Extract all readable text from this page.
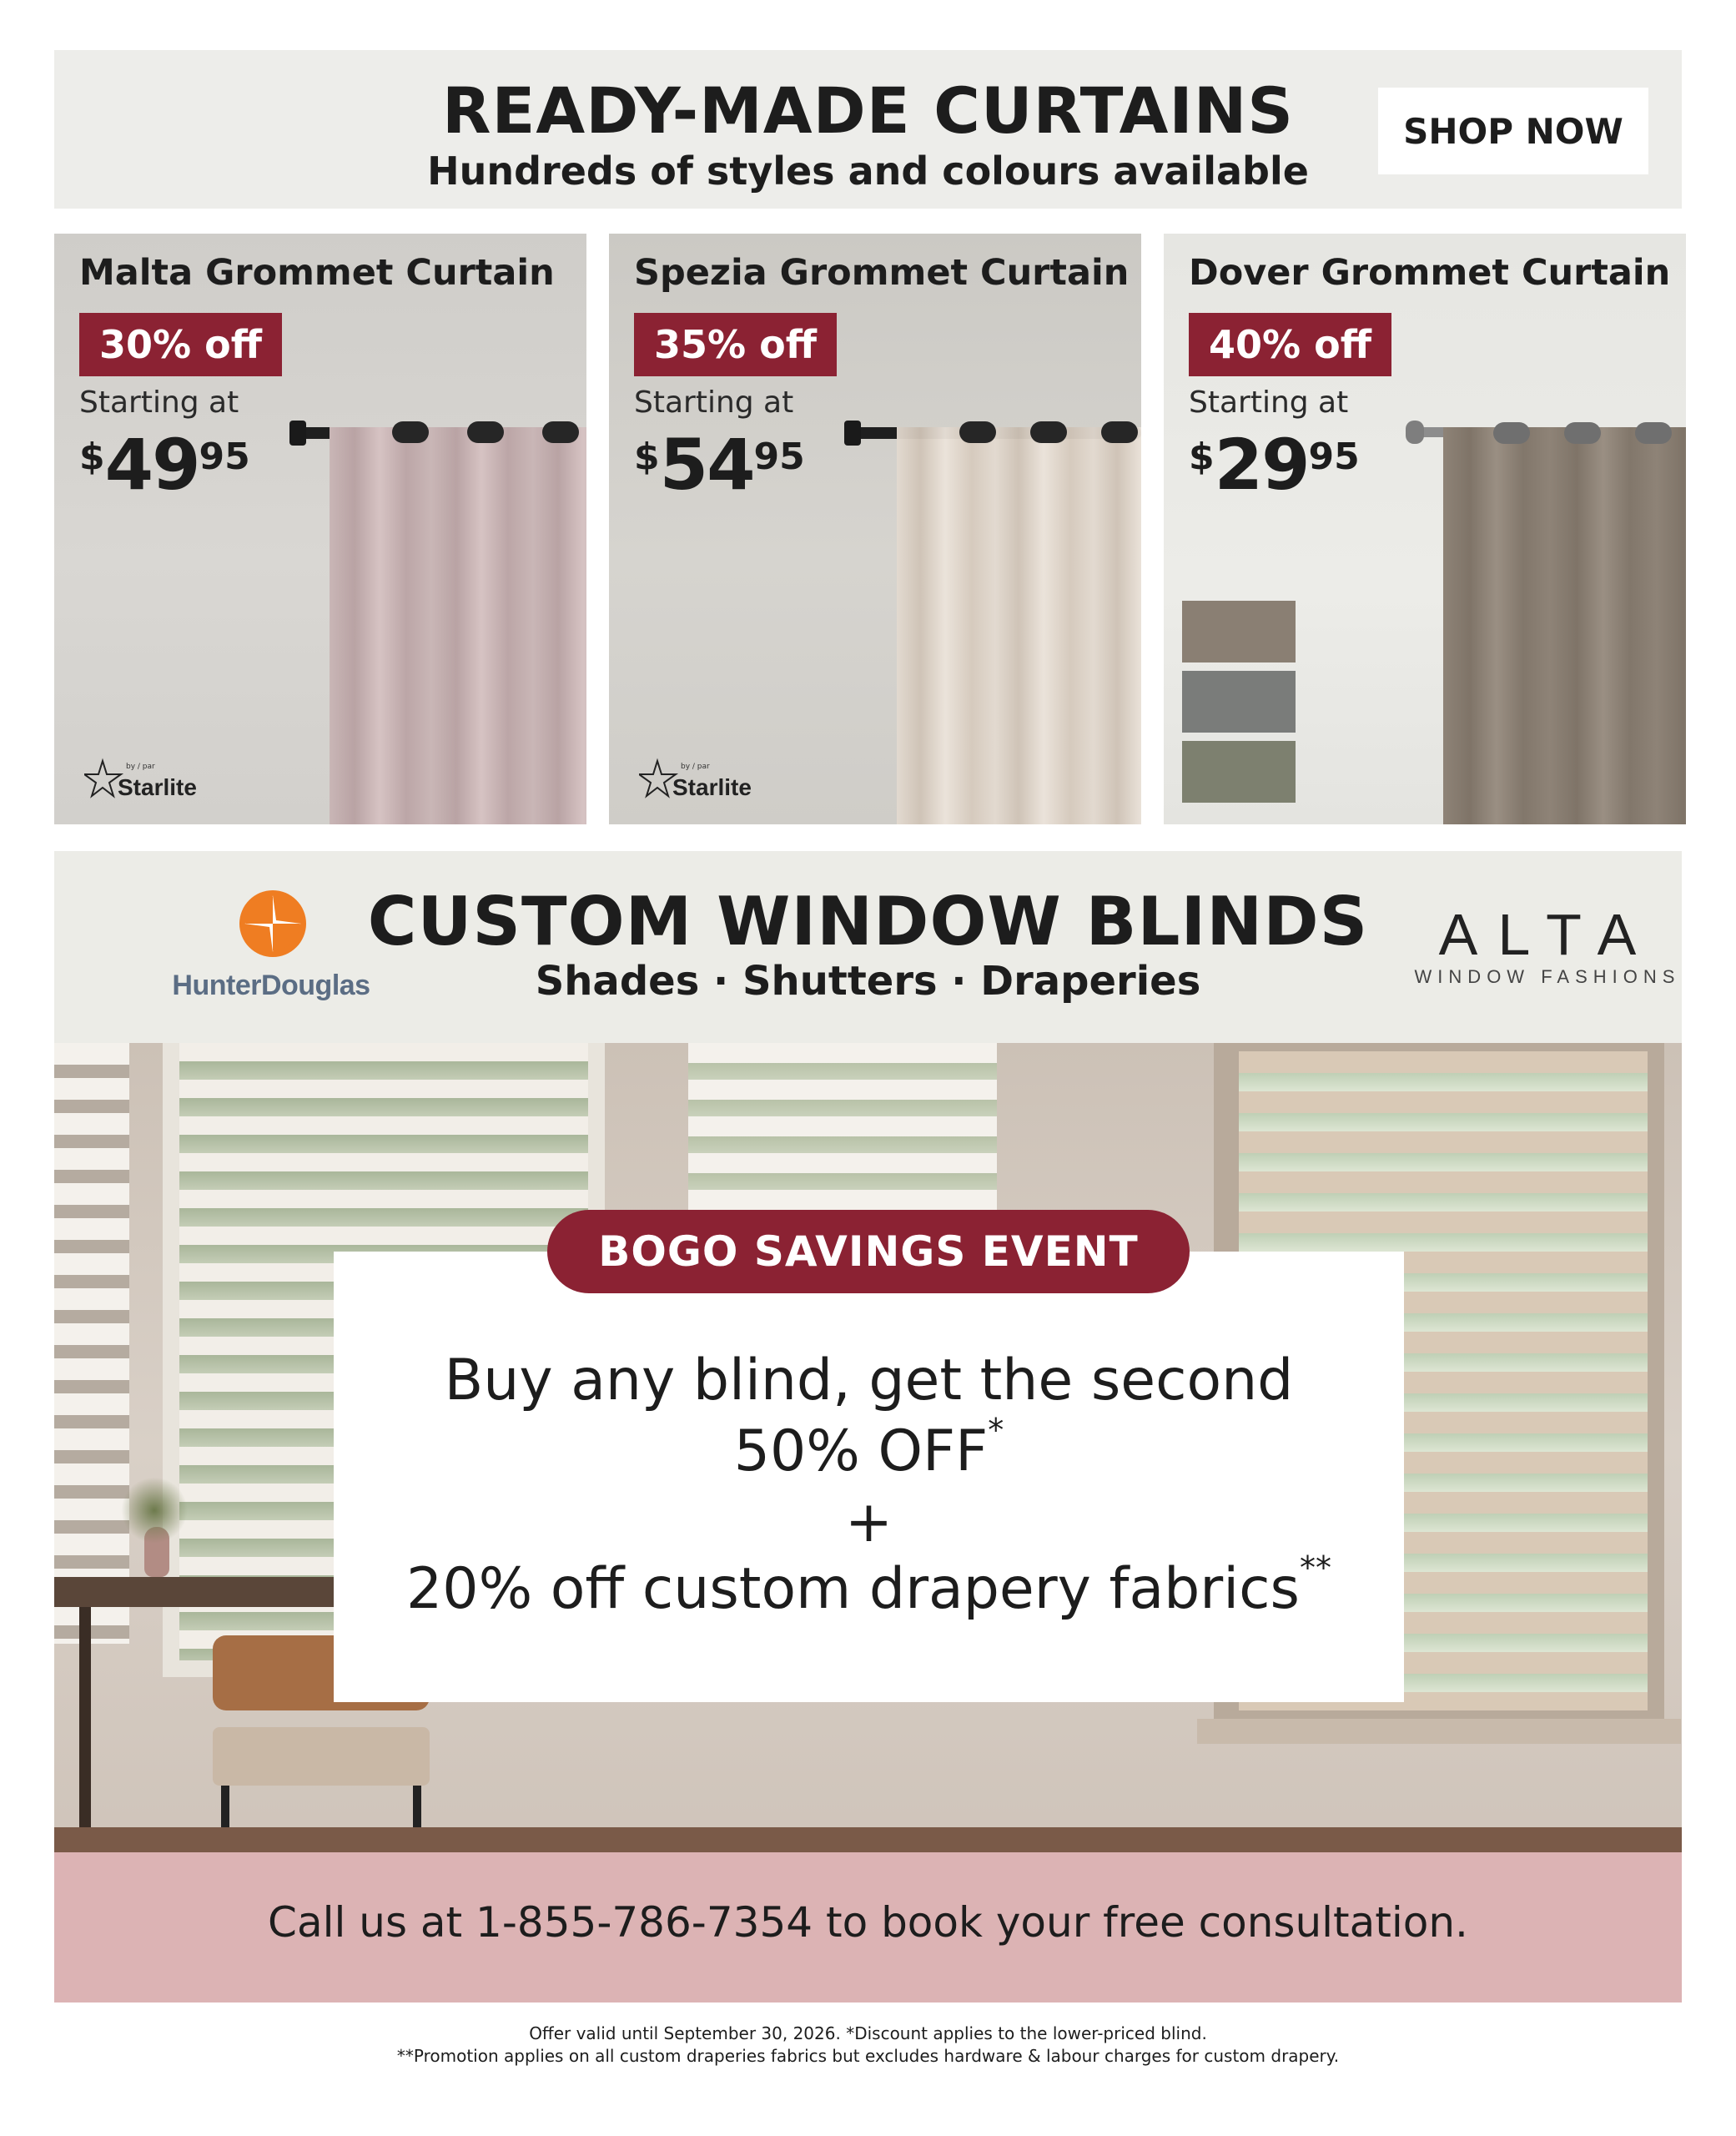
READY-MADE CURTAINS
Hundreds of styles and colours available
SHOP NOW
Malta Grommet Curtain
30% off
Starting at
$4995
by / par
Starlite
Spezia Grommet Curtain
35% off
Starting at
$5495
by / par
Starlite
Dover Grommet Curtain
40% off
Starting at
$2995
HunterDouglas
CUSTOM WINDOW BLINDS
Shades · Shutters · Draperies
ALTA
WINDOW FASHIONS
BOGO SAVINGS EVENT
Buy any blind, get the second
50% OFF*
+
20% off custom drapery fabrics**
Call us at 1-855-786-7354 to book your free consultation.
Offer valid until September 30, 2026. *Discount applies to the lower-priced blind.
**Promotion applies on all custom draperies fabrics but excludes hardware & labour charges for custom drapery.
